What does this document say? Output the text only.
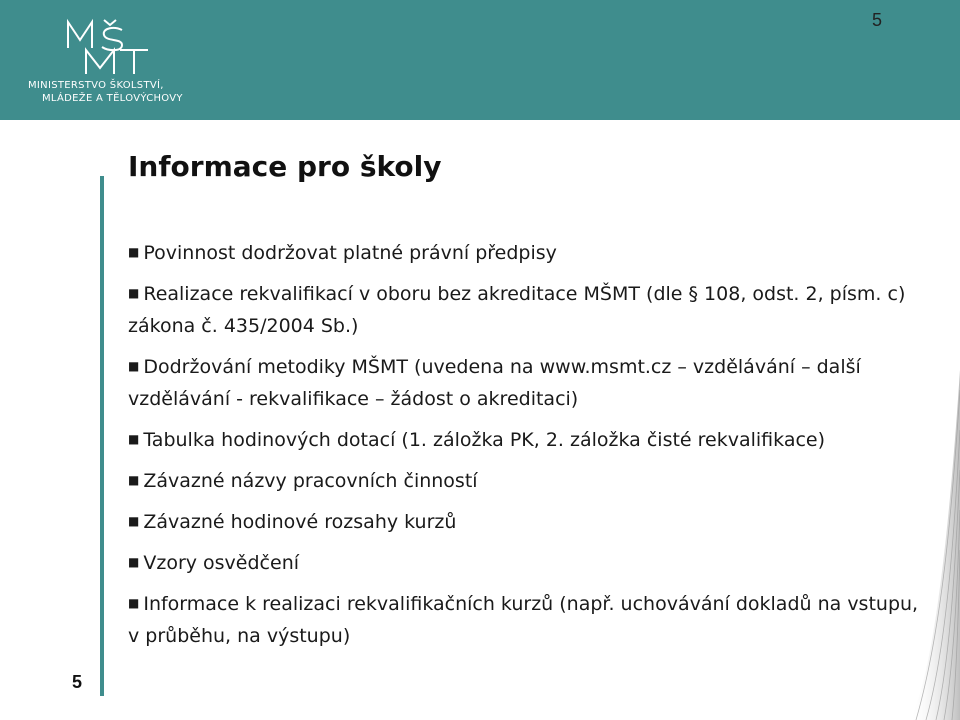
MINISTERSTVO ŠKOLSTVÍ,
MLÁDEŽE A TĚLOVÝCHOVY
5
Informace pro školy
■ Povinnost dodržovat platné právní předpisy
■ Realizace rekvalifikací v oboru bez akreditace MŠMT (dle § 108, odst. 2, písm. c) zákona č. 435/2004 Sb.)
■ Dodržování metodiky MŠMT (uvedena na www.msmt.cz – vzdělávání – další vzdělávání - rekvalifikace – žádost o akreditaci)
■ Tabulka hodinových dotací (1. záložka PK, 2. záložka čisté rekvalifikace)
■ Závazné názvy pracovních činností
■ Závazné hodinové rozsahy kurzů
■ Vzory osvědčení
■ Informace k realizaci rekvalifikačních kurzů (např. uchovávání dokladů na vstupu, v průběhu, na výstupu)
5
